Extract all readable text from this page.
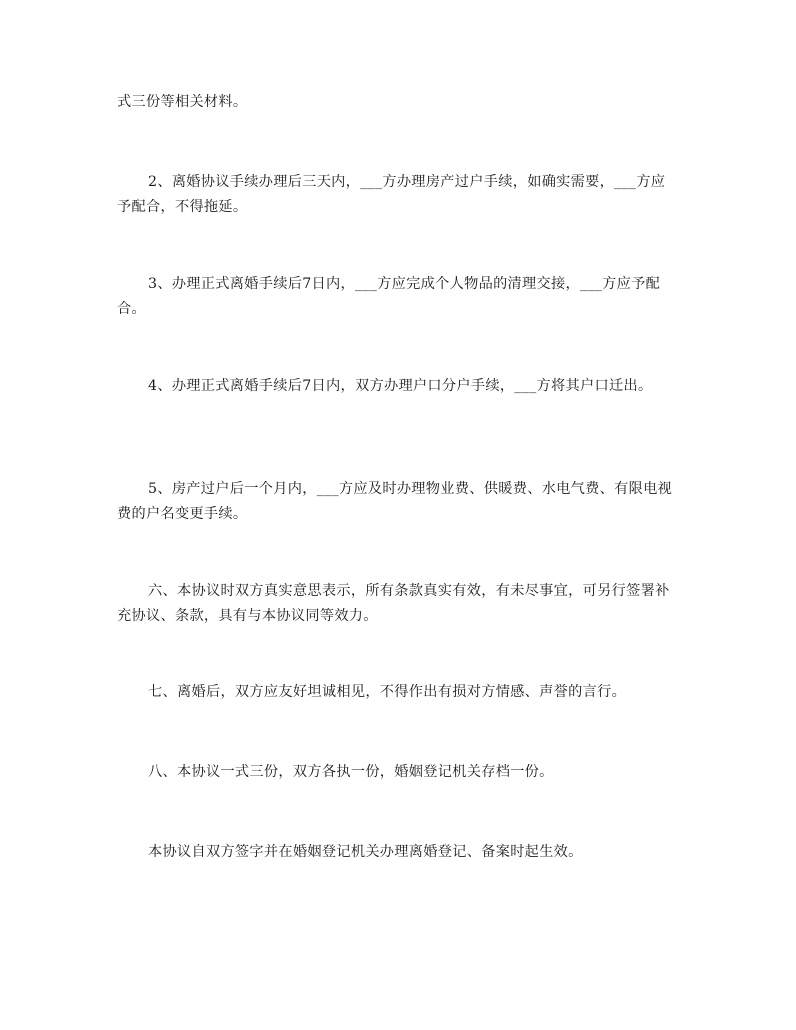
式三份等相关材料。

2、离婚协议手续办理后三天内，___方办理房产过户手续，如确实需要，___方应予配合，不得拖延。

3、办理正式离婚手续后7日内，___方应完成个人物品的清理交接，___方应予配合。

4、办理正式离婚手续后7日内，双方办理户口分户手续，___方将其户口迁出。

5、房产过户后一个月内，___方应及时办理物业费、供暖费、水电气费、有限电视费的户名变更手续。

六、本协议时双方真实意思表示，所有条款真实有效，有未尽事宜，可另行签署补充协议、条款，具有与本协议同等效力。

七、离婚后，双方应友好坦诚相见，不得作出有损对方情感、声誉的言行。

八、本协议一式三份，双方各执一份，婚姻登记机关存档一份。

本协议自双方签字并在婚姻登记机关办理离婚登记、备案时起生效。
